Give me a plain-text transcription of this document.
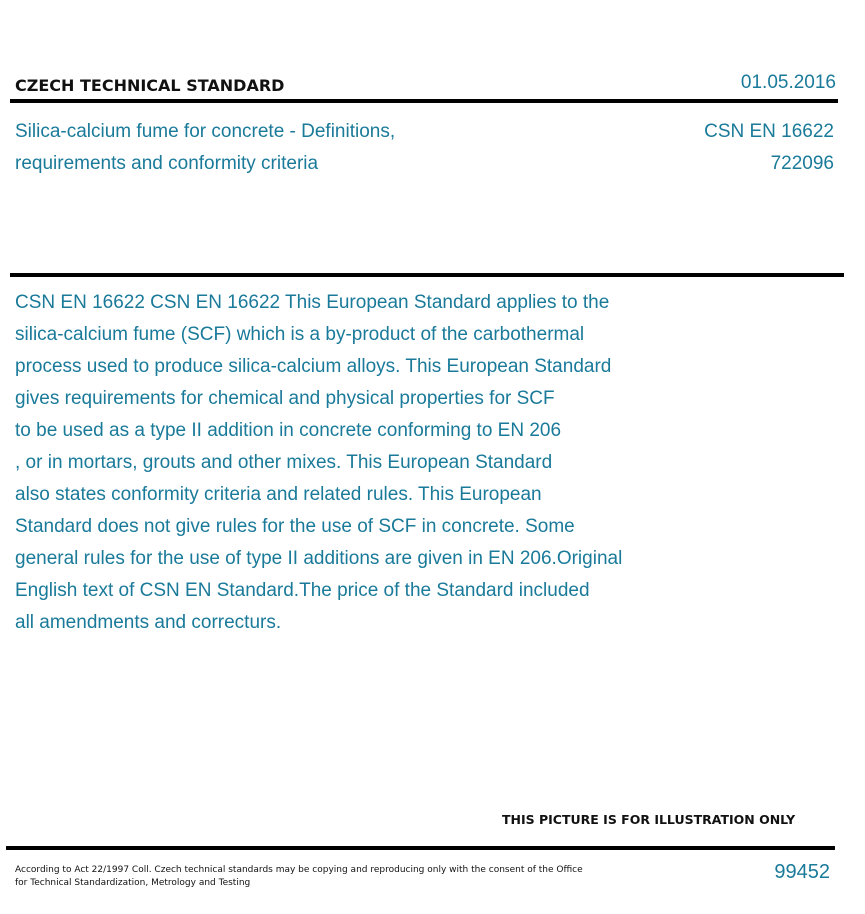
CZECH TECHNICAL STANDARD	01.05.2016
Silica-calcium fume for concrete - Definitions,
requirements and conformity criteria
CSN EN 16622
722096
CSN EN 16622 CSN EN 16622 This European Standard applies to the
silica-calcium fume (SCF) which is a by-product of the carbothermal
process used to produce silica-calcium alloys. This European Standard
gives requirements for chemical and physical properties for SCF
to be used as a type II addition in concrete conforming to EN 206
, or in mortars, grouts and other mixes. This European Standard
also states conformity criteria and related rules. This European
Standard does not give rules for the use of SCF in concrete. Some
general rules for the use of type II additions are given in EN 206.Original
English text of CSN EN Standard.The price of the Standard included
all amendments and correcturs.
THIS PICTURE IS FOR ILLUSTRATION ONLY
According to Act 22/1997 Coll. Czech technical standards may be copying and reproducing only with the consent of the Office
for Technical Standardization, Metrology and Testing	99452
